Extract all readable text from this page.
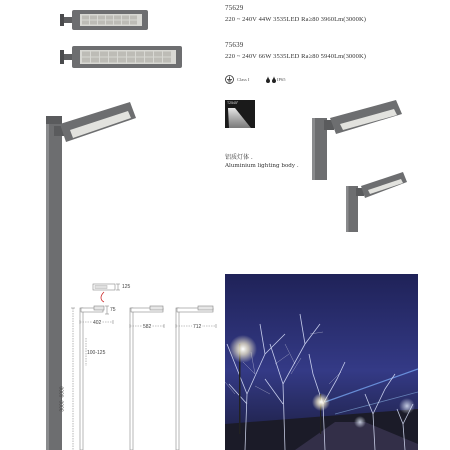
75629
220 ~ 240V 44W 3535LED Ra≥80 3960Lm(3000K)
75639
220 ~ 240V 66W 3535LED Ra≥80 5940Lm(3000K)
Class I	IP65
T2545°
铝质灯体 .
Aluminium lighting body .
125
75
402
582	712
100-125
3000~6000
